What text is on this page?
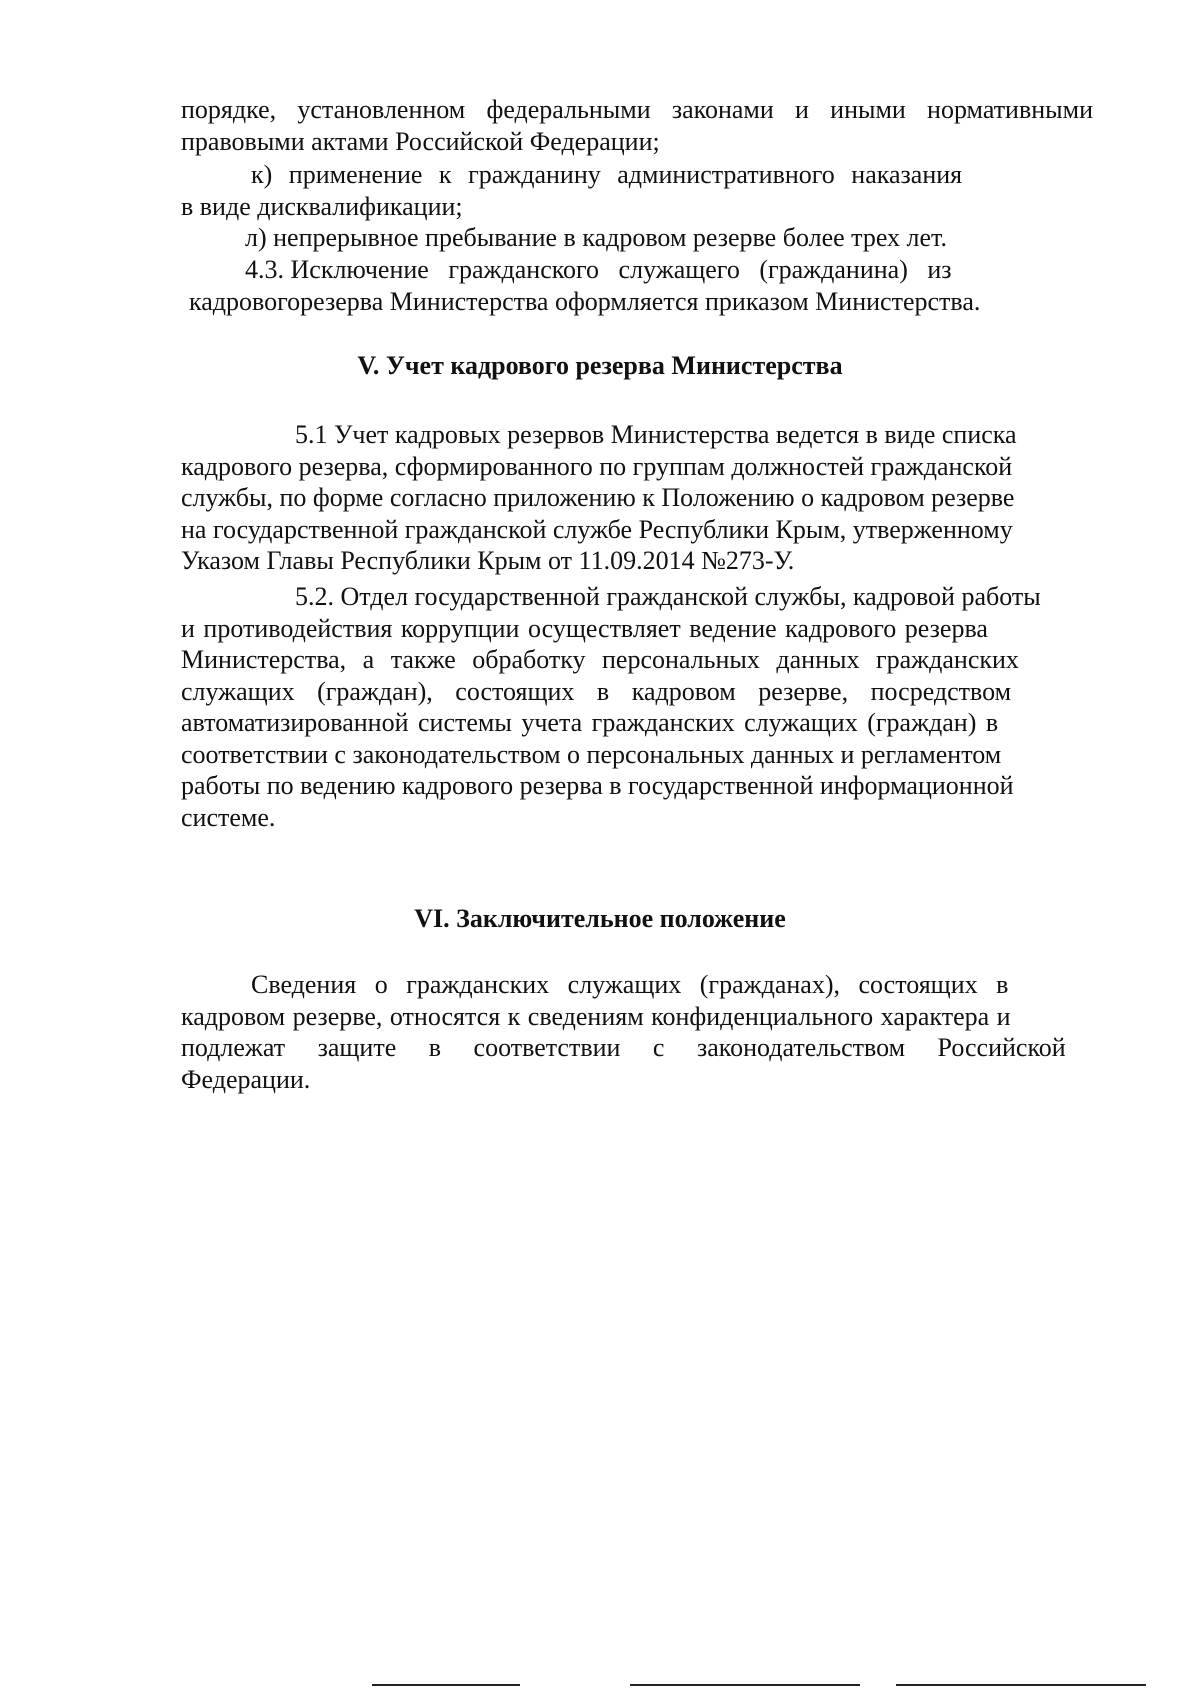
порядке, установленном федеральными законами и иными нормативными
правовыми актами Российской Федерации;
к)   применение   к   гражданину   административного   наказания
в виде дисквалификации;
л) непрерывное пребывание в кадровом резерве более трех лет.
4.3. Исключение   гражданского   служащего   (гражданина)   из
кадровогорезерва Министерства оформляется приказом Министерства.
V. Учет кадрового резерва Министерства
5.1 Учет кадровых резервов Министерства ведется в виде списка
кадрового резерва, сформированного по группам должностей гражданской
службы, по форме согласно приложению к Положению о кадровом резерве
на государственной гражданской службе Республики Крым, утверженному
Указом Главы Республики Крым от 11.09.2014 №273-У.
5.2. Отдел государственной гражданской службы, кадровой работы
и противодействия коррупции осуществляет ведение кадрового резерва
Министерства, а также обработку персональных данных гражданских
служащих (граждан), состоящих в кадровом резерве, посредством
автоматизированной системы учета гражданских служащих (граждан) в
соответствии с законодательством о персональных данных и регламентом
работы по ведению кадрового резерва в государственной информационной
системе.
VI. Заключительное положение
Сведения о гражданских служащих (гражданах), состоящих в
кадровом резерве, относятся к сведениям конфиденциального характера и
подлежат защите в соответствии с законодательством Российской
Федерации.
